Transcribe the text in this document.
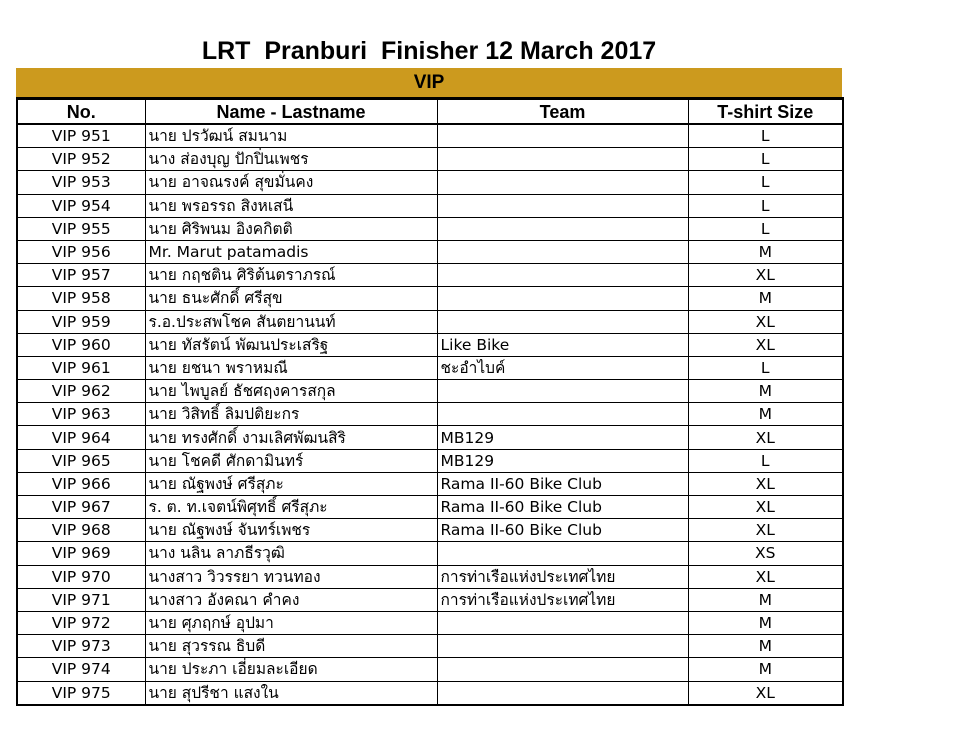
LRT  Pranburi  Finisher 12 March 2017
VIP
No.	Name - Lastname	Team	T-shirt Size
VIP 951	นาย ปรวัฒน์ สมนาม		L
VIP 952	นาง ส่องบุญ ปักปิ่นเพชร		L
VIP 953	นาย อาจณรงค์ สุขมั่นคง		L
VIP 954	นาย พรอรรถ สิงหเสนี		L
VIP 955	นาย ศิริพนม อิงคกิตติ		L
VIP 956	Mr. Marut patamadis		M
VIP 957	นาย กฤชติน ศิริต้นตราภรณ์		XL
VIP 958	นาย ธนะศักดิ์ ศรีสุข		M
VIP 959	ร.อ.ประสพโชค สันตยานนท์		XL
VIP 960	นาย ทัสรัตน์ พัฒนประเสริฐ	Like Bike	XL
VIP 961	นาย ยชนา พราหมณี	ชะอำไบค์	L
VIP 962	นาย ไพบูลย์ ธัชศฤงคารสกุล		M
VIP 963	นาย วิสิทธิ์ ลิมปติยะกร		M
VIP 964	นาย ทรงศักดิ์ งามเลิศพัฒนสิริ	MB129	XL
VIP 965	นาย โชคดี ศักดามินทร์	MB129	L
VIP 966	นาย ณัฐพงษ์ ศรีสุภะ	Rama II-60 Bike Club	XL
VIP 967	ร. ต. ท.เจตน์พิศุทธิ์ ศรีสุภะ	Rama II-60 Bike Club	XL
VIP 968	นาย ณัฐพงษ์ จันทร์เพชร	Rama II-60 Bike Club	XL
VIP 969	นาง นลิน ลาภธีรวุฒิ		XS
VIP 970	นางสาว วิวรรยา ทวนทอง	การท่าเรือแห่งประเทศไทย	XL
VIP 971	นางสาว อังคณา คำคง	การท่าเรือแห่งประเทศไทย	M
VIP 972	นาย ศุภฤกษ์ อุปมา		M
VIP 973	นาย สุวรรณ ธิบดี		M
VIP 974	นาย ประภา เอี่ยมละเอียด		M
VIP 975	นาย สุปรีชา แสงใน		XL
